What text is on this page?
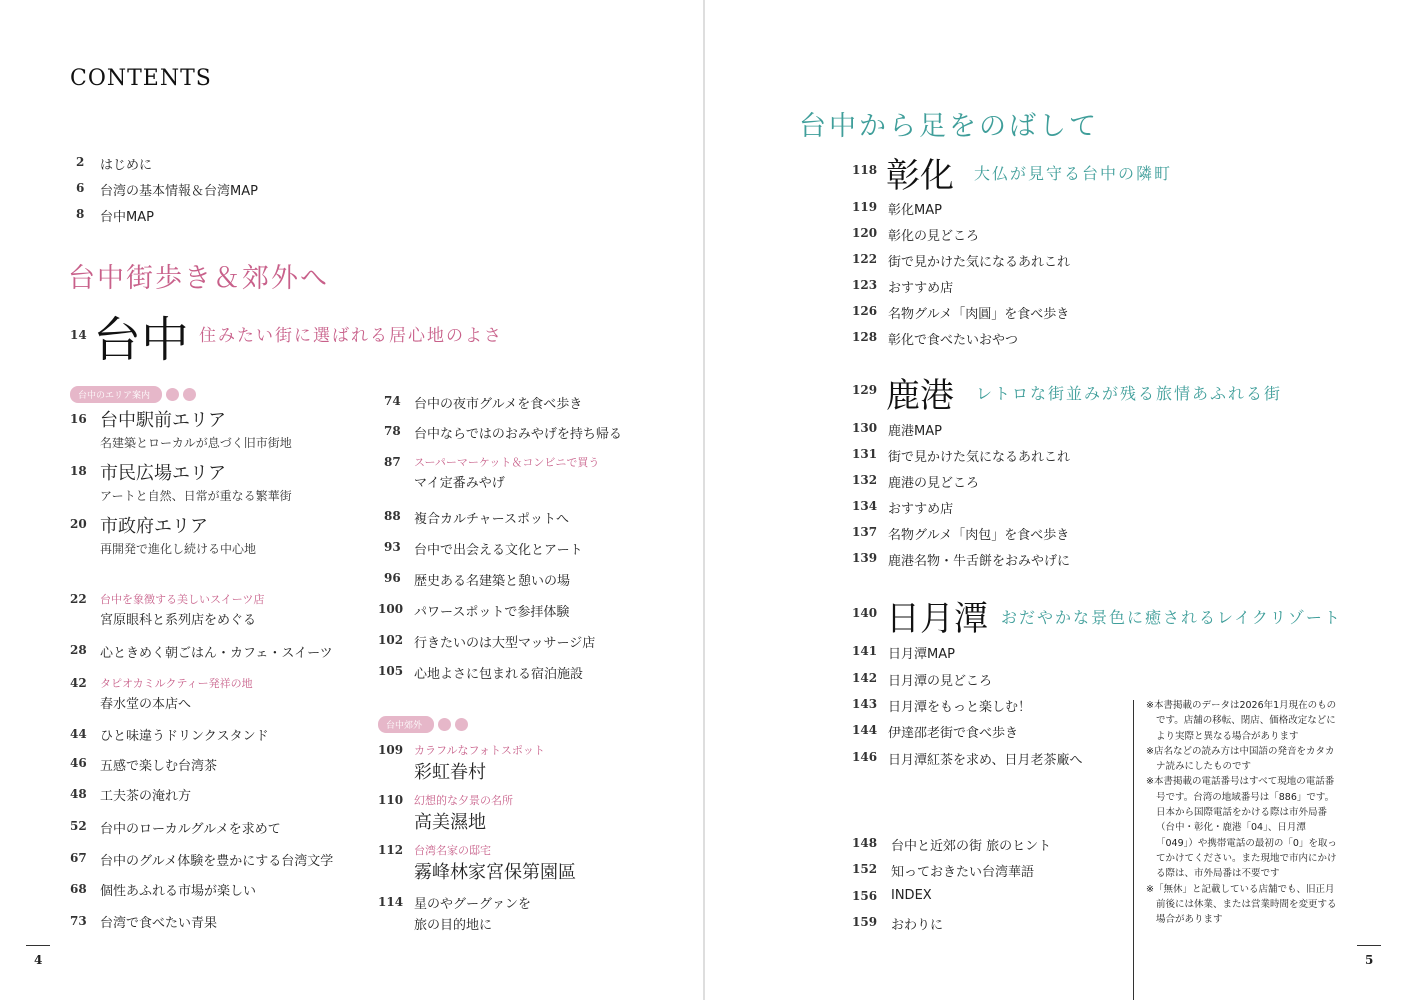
CONTENTS
2 はじめに
6 台湾の基本情報＆台湾MAP
8 台中MAP
台中街歩き＆郊外へ
14 台中 住みたい街に選ばれる居心地のよさ
台中のエリア案内
16 台中駅前エリア
名建築とローカルが息づく旧市街地
18 市民広場エリア
アートと自然、日常が重なる繁華街
20 市政府エリア
再開発で進化し続ける中心地
22 台中を象徴する美しいスイーツ店
宮原眼科と系列店をめぐる
28 心ときめく朝ごはん・カフェ・スイーツ
42 タピオカミルクティー発祥の地
春水堂の本店へ
44 ひと味違うドリンクスタンド
46 五感で楽しむ台湾茶
48 工夫茶の淹れ方
52 台中のローカルグルメを求めて
67 台中のグルメ体験を豊かにする台湾文学
68 個性あふれる市場が楽しい
73 台湾で食べたい青果
74 台中の夜市グルメを食べ歩き
78 台中ならではのおみやげを持ち帰る
87 スーパーマーケット＆コンビニで買う
マイ定番みやげ
88 複合カルチャースポットへ
93 台中で出会える文化とアート
96 歴史ある名建築と憩いの場
100 パワースポットで参拝体験
102 行きたいのは大型マッサージ店
105 心地よさに包まれる宿泊施設
台中郊外
109 カラフルなフォトスポット
彩虹眷村
110 幻想的な夕景の名所
高美濕地
112 台湾名家の邸宅
霧峰林家宮保第園區
114 星のやグーグァンを
旅の目的地に
4
台中から足をのばして
118 彰化 大仏が見守る台中の隣町
119 彰化MAP
120 彰化の見どころ
122 街で見かけた気になるあれこれ
123 おすすめ店
126 名物グルメ「肉圓」を食べ歩き
128 彰化で食べたいおやつ
129 鹿港 レトロな街並みが残る旅情あふれる街
130 鹿港MAP
131 街で見かけた気になるあれこれ
132 鹿港の見どころ
134 おすすめ店
137 名物グルメ「肉包」を食べ歩き
139 鹿港名物・牛舌餅をおみやげに
140 日月潭 おだやかな景色に癒されるレイクリゾート
141 日月潭MAP
142 日月潭の見どころ
143 日月潭をもっと楽しむ！
144 伊達邵老街で食べ歩き
146 日月潭紅茶を求め、日月老茶廠へ
148 台中と近郊の街 旅のヒント
152 知っておきたい台湾華語
156 INDEX
159 おわりに
※本書掲載のデータは2026年1月現在のものです。店舗の移転、閉店、価格改定などにより実際と異なる場合があります
※店名などの読み方は中国語の発音をカタカナ読みにしたものです
※本書掲載の電話番号はすべて現地の電話番号です。台湾の地域番号は「886」です。日本から国際電話をかける際は市外局番（台中・彰化・鹿港「04」、日月潭「049」）や携帯電話の最初の「0」を取ってかけてください。また現地で市内にかける際は、市外局番は不要です
※「無休」と記載している店舗でも、旧正月前後には休業、または営業時間を変更する場合があります
5
